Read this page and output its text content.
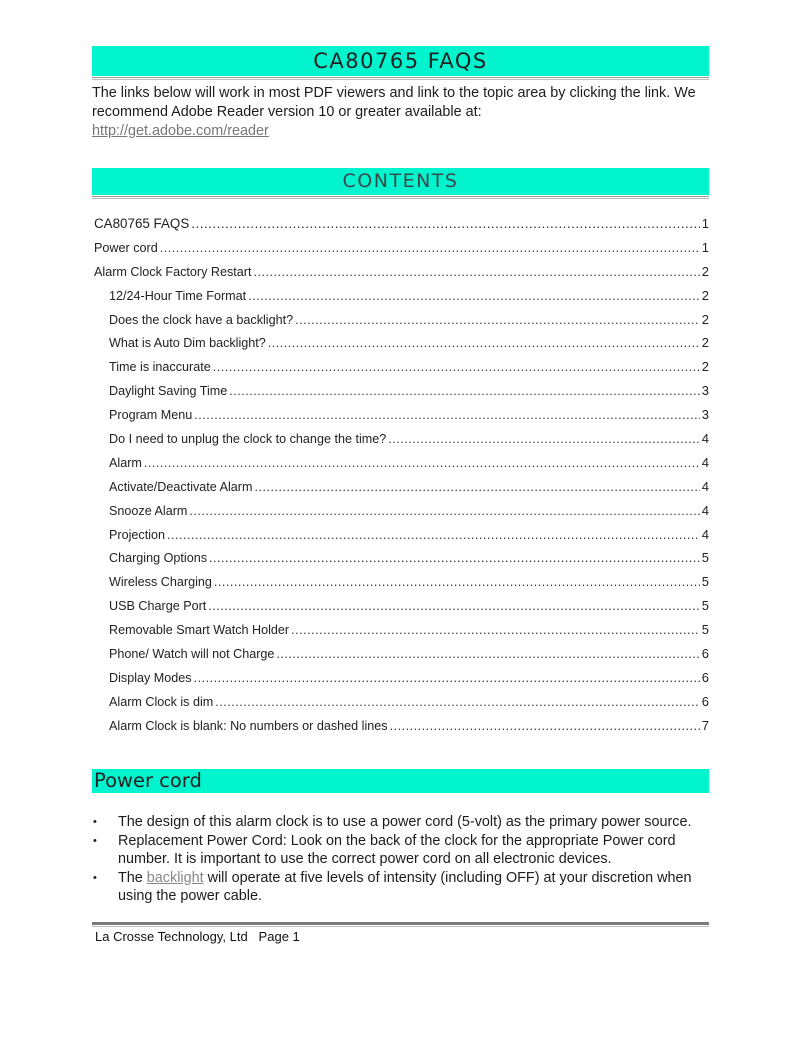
CA80765 FAQS
The links below will work in most PDF viewers and link to the topic area by clicking the link. We recommend Adobe Reader version 10 or greater available at:
http://get.adobe.com/reader
CONTENTS
CA80765 FAQS .....	1
Power cord .....	1
Alarm Clock Factory Restart .....	2
12/24-Hour Time Format .....	2
Does the clock have a backlight? .....	2
What is Auto Dim backlight? .....	2
Time is inaccurate .....	2
Daylight Saving Time .....	3
Program Menu .....	3
Do I need to unplug the clock to change the time? .....	4
Alarm .....	4
Activate/Deactivate Alarm .....	4
Snooze Alarm .....	4
Projection .....	4
Charging Options .....	5
Wireless Charging .....	5
USB Charge Port .....	5
Removable Smart Watch Holder .....	5
Phone/ Watch will not Charge .....	6
Display Modes .....	6
Alarm Clock is dim .....	6
Alarm Clock is blank: No numbers or dashed lines .....	7
Power cord
• The design of this alarm clock is to use a power cord (5-volt) as the primary power source.
• Replacement Power Cord: Look on the back of the clock for the appropriate Power cord number. It is important to use the correct power cord on all electronic devices.
• The backlight will operate at five levels of intensity (including OFF) at your discretion when using the power cable.
La Crosse Technology, Ltd   Page 1
